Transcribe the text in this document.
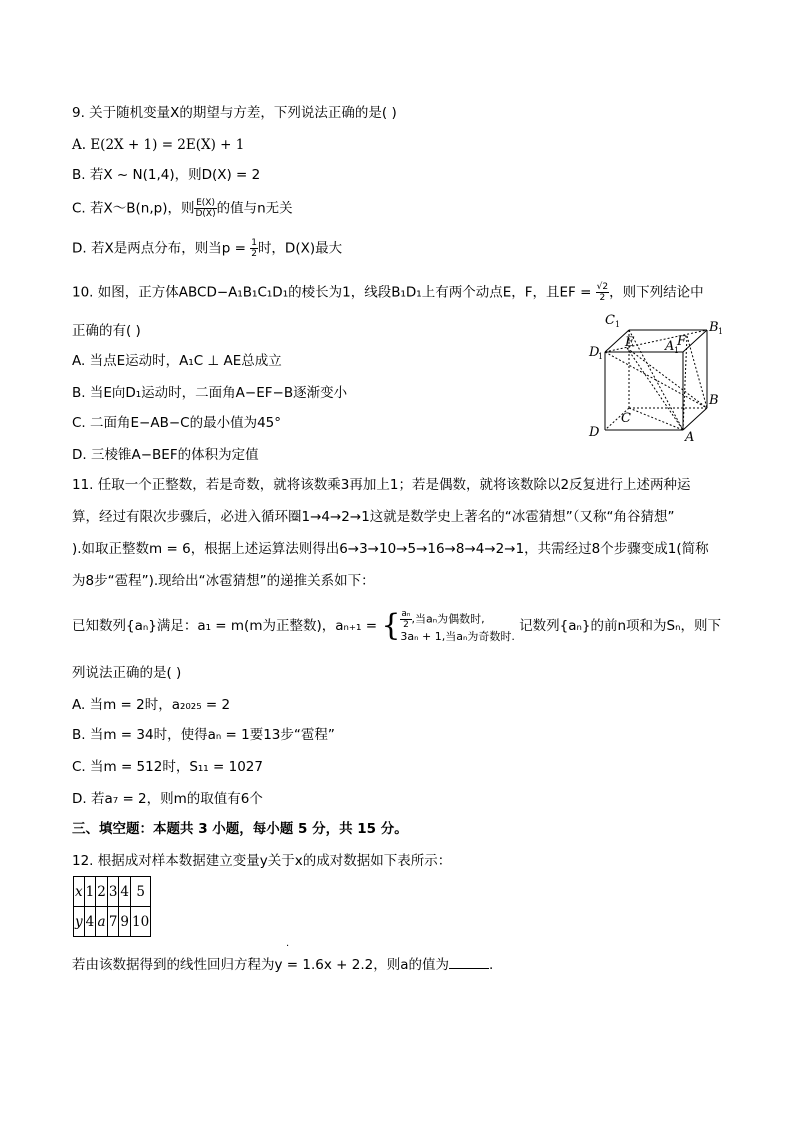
9. 关于随机变量X的期望与方差，下列说法正确的是( )
A. E(2X + 1) = 2E(X) + 1
B. 若X ~ N(1,4)，则D(X) = 2
C. 若X～B(n,p)，则 $\frac{E(X)}{D(X)}$ 的值与n无关
D. 若X是两点分布，则当$p = \frac{1}{2}$ 时，D(X)最大
10. 如图，正方体ABCD−A₁B₁C₁D₁的棱长为1，线段B₁D₁上有两个动点E，F，且EF = $\frac{√2}{2}$ ，则下列结论中
正确的有( )
A. 当点E运动时，A₁C ⊥ AE总成立
B. 当E向D₁运动时，二面角A−EF−B逐渐变小
C. 二面角E−AB−C的最小值为45°
D. 三棱锥A−BEF的体积为定值
C 1	B 1
D
1
E A 1
F
B
C
D	A
11. 任取一个正整数，若是奇数，就将该数乘3再加上1；若是偶数，就将该数除以2反复进行上述两种运
算，经过有限次步骤后，必进入循环圈1→4→2→1这就是数学史上著名的“冰雹猜想”（又称“角谷猜想”
).如取正整数m = 6，根据上述运算法则得出6→3→10→5→16→8→4→2→1，共需经过8个步骤变成1(简称
为8步“雹程”).现给出“冰雹猜想”的递推关系如下：
已知数列{aₙ}满足：a₁ = m(m为正整数)，aₙ₊₁ = { $\frac{\text{aₙ}}{2}$ ,当aₙ为偶数时,
3aₙ + 1,当aₙ为奇数时.
记数列{aₙ}的前n项和为Sₙ，则下
列说法正确的是( )
A. 当m = 2时，a₂₀₂₅ = 2
B. 当m = 34时，使得aₙ = 1要13步“雹程”
C. 当m = 512时，S₁₁ = 1027
D. 若a₇ = 2，则m的取值有6个
三、填空题：本题共 3 小题，每小题 5 分，共 15 分。
12. 根据成对样本数据建立变量y关于x的成对数据如下表所示：
x	1	2	3	4	5
y	4	a	7	9	10
.
若由该数据得到的线性回归方程为y = 1.6x + 2.2，则a的值为	.
